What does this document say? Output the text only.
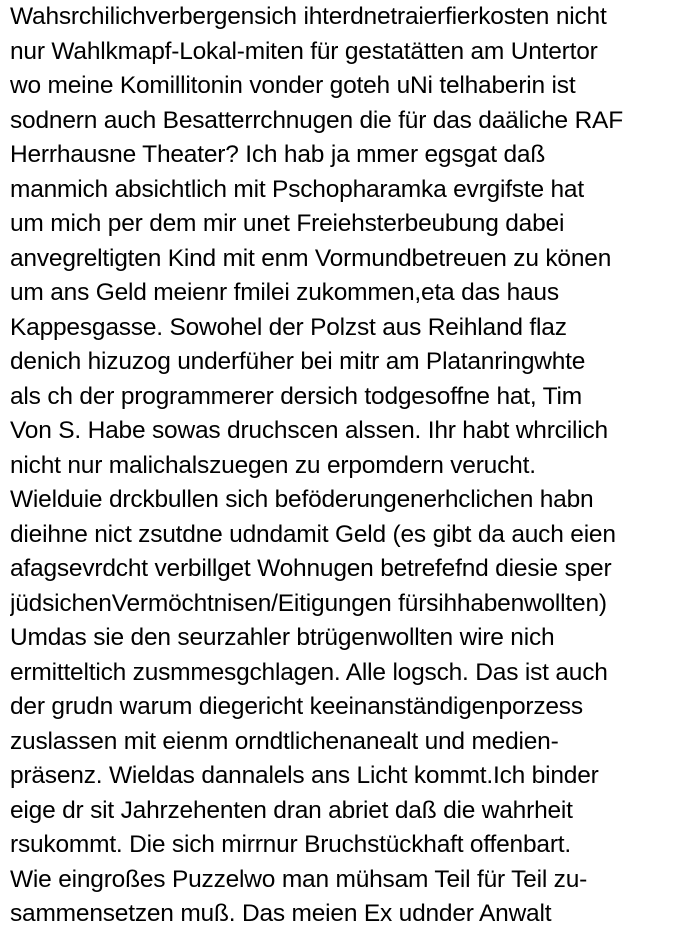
Wahsrchilichverbergensich ihterdnetraierfierkosten nicht
nur Wahlkmapf-Lokal-miten für gestatätten am Untertor
wo meine Komillitonin vonder goteh uNi telhaberin ist
sodnern auch Besatterrchnugen die für das daäliche RAF
Herrhausne Theater? Ich hab ja mmer egsgat daß
manmich absichtlich mit Pschopharamka evrgifste hat
um mich per dem mir unet Freiehsterbeubung dabei
anvegreltigten Kind mit enm Vormundbetreuen zu könen
um ans Geld meienr fmilei zukommen,eta das haus
Kappesgasse. Sowohel der Polzst aus Reihland flaz
denich hizuzog underfüher bei mitr am Platanringwhte
als ch der programmerer dersich todgesoffne hat, Tim
Von S. Habe sowas druchscen alssen. Ihr habt whrcilich
nicht nur malichalszuegen zu erpomdern verucht.
Wielduie drckbullen sich beföderungenerhclichen habn
dieihne nict zsutdne udndamit Geld (es gibt da auch eien
afagsevrdcht verbillget Wohnugen betrefefnd diesie sper
jüdsichenVermöchtnisen/Eitigungen fürsihhabenwollten)
Umdas sie den seurzahler btrügenwollten wire nich
ermitteltich zusmmesgchlagen. Alle logsch. Das ist auch
der grudn warum diegericht keeinanständigenporzess
zuslassen mit eienm orndtlichenanealt und medien-
präsenz. Wieldas dannalels ans Licht kommt.Ich binder
eige dr sit Jahrzehenten dran abriet daß die wahrheit
rsukommt. Die sich mirrnur Bruchstückhaft offenbart.
Wie eingroßes Puzzelwo man mühsam Teil für Teil zu-
sammensetzen muß. Das meien Ex udnder Anwalt
